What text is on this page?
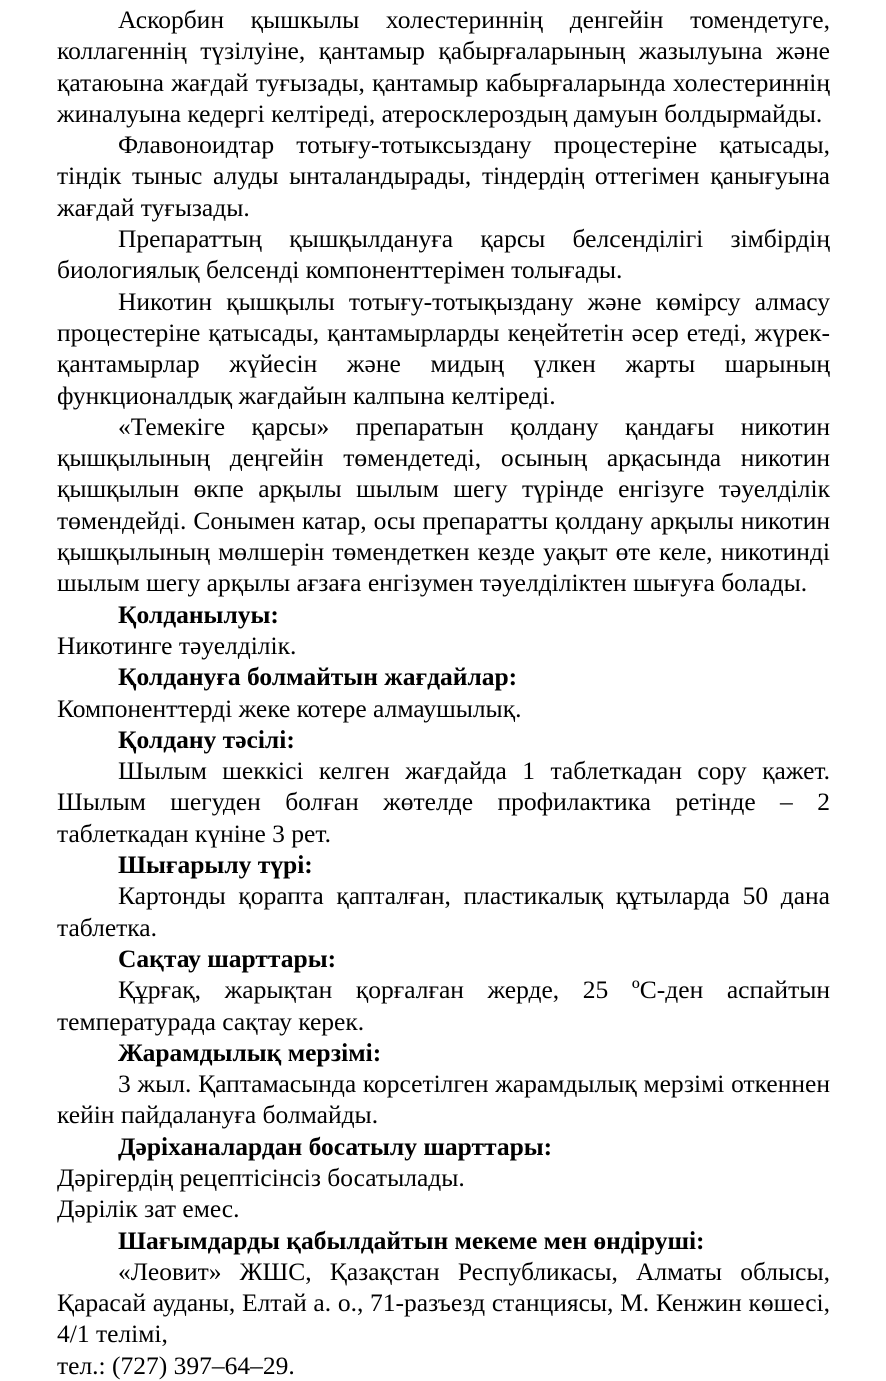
Аскорбин қышкылы холестериннің денгейін томендетуге, коллагеннің түзілуіне, қантамыр қабырғаларының жазылуына және қатаюына жағдай туғызады, қантамыр кабырғаларында холестериннің жиналуына кедергі келтіреді, атеросклероздың дамуын болдырмайды.

Флавоноидтар тотығу-тотыксыздану процестеріне қатысады, тіндік тыныс алуды ынталандырады, тіндердің оттегімен қанығуына жағдай туғызады.

Препараттың қышқылдануға қарсы белсенділігі зімбірдің биологиялық белсенді компоненттерімен толығады.

Никотин қышқылы тотығу-тотықыздану және көмірсу алмасу процестеріне қатысады, қантамырларды кеңейтетін әсер етеді, жүрек-қантамырлар жүйесін және мидың үлкен жарты шарының функционалдық жағдайын калпына келтіреді.

«Темекіге қарсы» препаратын қолдану қандағы никотин қышқылының деңгейін төмендетеді, осының арқасында никотин қышқылын өкпе арқылы шылым шегу түрінде енгізуге тәуелділік төмендейді. Сонымен катар, осы препаратты қолдану арқылы никотин қышқылының мөлшерін төмендеткен кезде уақыт өте келе, никотинді шылым шегу арқылы ағзаға енгізумен тәуелділіктен шығуға болады.

Қолданылуы:

Никотинге тәуелділік.

Қолдануға болмайтын жағдайлар:

Компоненттерді жеке котере алмаушылық.

Қолдану тәсілі:

Шылым шеккісі келген жағдайда 1 таблеткадан сору қажет. Шылым шегуден болған жөтелде профилактика ретінде – 2 таблеткадан күніне 3 рет.

Шығарылу түрі:

Картонды қорапта қапталған, пластикалық құтыларда 50 дана таблетка.

Сақтау шарттары:

Құрғақ, жарықтан қорғалған жерде, 25 ºC-ден аспайтын температурада сақтау керек.

Жарамдылық мерзімі:

3 жыл. Қаптамасында корсетілген жарамдылық мерзімі откеннен кейін пайдалануға болмайды.

Дәріханалардан босатылу шарттары:

Дәрігердің рецептісінсіз босатылады.

Дәрілік зат емес.

Шағымдарды қабылдайтын мекеме мен өндіруші:

«Леовит» ЖШС, Қазақстан Республикасы, Алматы облысы, Қарасай ауданы, Елтай а. о., 71-разъезд станциясы, М. Кенжин көшесі, 4/1 телімі,

тел.: (727) 397–64–29.
